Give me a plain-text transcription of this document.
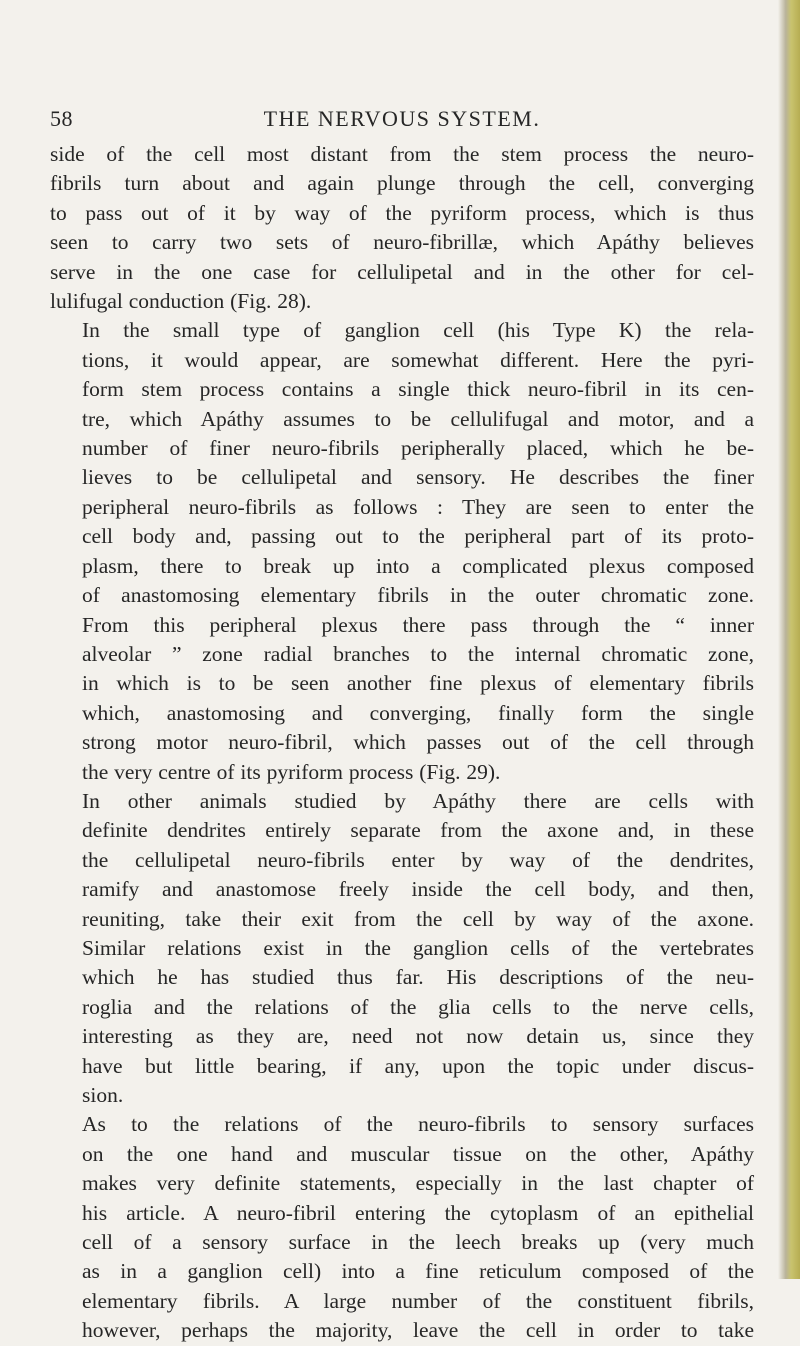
58	THE NERVOUS SYSTEM.

side of the cell most distant from the stem process the neuro-
fibrils turn about and again plunge through the cell, converging
to pass out of it by way of the pyriform process, which is thus
seen to carry two sets of neuro-fibrillæ, which Apáthy believes
serve in the one case for cellulipetal and in the other for cel-
lulifugal conduction (Fig. 28).

In the small type of ganglion cell (his Type K) the rela-
tions, it would appear, are somewhat different. Here the pyri-
form stem process contains a single thick neuro-fibril in its cen-
tre, which Apáthy assumes to be cellulifugal and motor, and a
number of finer neuro-fibrils peripherally placed, which he be-
lieves to be cellulipetal and sensory. He describes the finer
peripheral neuro-fibrils as follows : They are seen to enter the
cell body and, passing out to the peripheral part of its proto-
plasm, there to break up into a complicated plexus composed
of anastomosing elementary fibrils in the outer chromatic zone.
From this peripheral plexus there pass through the “ inner
alveolar ” zone radial branches to the internal chromatic zone,
in which is to be seen another fine plexus of elementary fibrils
which, anastomosing and converging, finally form the single
strong motor neuro-fibril, which passes out of the cell through
the very centre of its pyriform process (Fig. 29).

In other animals studied by Apáthy there are cells with
definite dendrites entirely separate from the axone and, in these
the cellulipetal neuro-fibrils enter by way of the dendrites,
ramify and anastomose freely inside the cell body, and then,
reuniting, take their exit from the cell by way of the axone.
Similar relations exist in the ganglion cells of the vertebrates
which he has studied thus far. His descriptions of the neu-
roglia and the relations of the glia cells to the nerve cells,
interesting as they are, need not now detain us, since they
have but little bearing, if any, upon the topic under discus-
sion.

As to the relations of the neuro-fibrils to sensory surfaces
on the one hand and muscular tissue on the other, Apáthy
makes very definite statements, especially in the last chapter of
his article. A neuro-fibril entering the cytoplasm of an epithelial
cell of a sensory surface in the leech breaks up (very much
as in a ganglion cell) into a fine reticulum composed of the
elementary fibrils. A large number of the constituent fibrils,
however, perhaps the majority, leave the cell in order to take
